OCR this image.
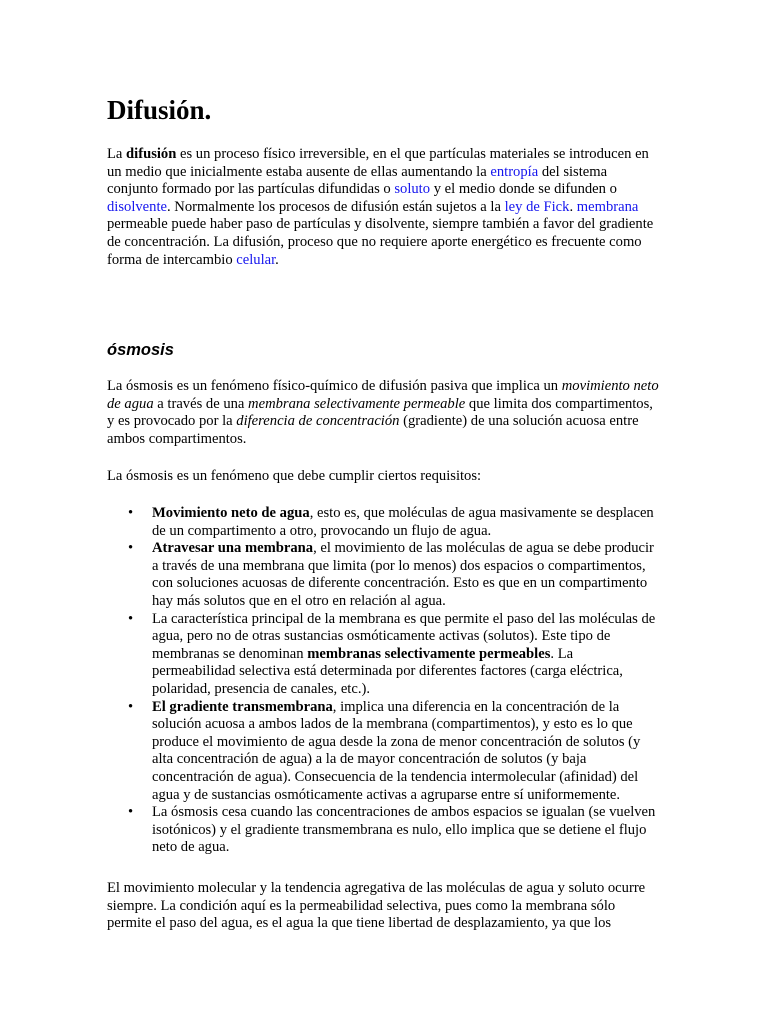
Difusión.

La difusión es un proceso físico irreversible, en el que partículas materiales se introducen en un medio que inicialmente estaba ausente de ellas aumentando la entropía del sistema conjunto formado por las partículas difundidas o soluto y el medio donde se difunden o disolvente. Normalmente los procesos de difusión están sujetos a la ley de Fick. membrana permeable puede haber paso de partículas y disolvente, siempre también a favor del gradiente de concentración. La difusión, proceso que no requiere aporte energético es frecuente como forma de intercambio celular.

ósmosis

La ósmosis es un fenómeno físico-químico de difusión pasiva que implica un movimiento neto de agua a través de una membrana selectivamente permeable que limita dos compartimentos, y es provocado por la diferencia de concentración (gradiente) de una solución acuosa entre ambos compartimentos.

La ósmosis es un fenómeno que debe cumplir ciertos requisitos:

• Movimiento neto de agua, esto es, que moléculas de agua masivamente se desplacen de un compartimento a otro, provocando un flujo de agua.
• Atravesar una membrana, el movimiento de las moléculas de agua se debe producir a través de una membrana que limita (por lo menos) dos espacios o compartimentos, con soluciones acuosas de diferente concentración. Esto es que en un compartimento hay más solutos que en el otro en relación al agua.
• La característica principal de la membrana es que permite el paso del las moléculas de agua, pero no de otras sustancias osmóticamente activas (solutos). Este tipo de membranas se denominan membranas selectivamente permeables. La permeabilidad selectiva está determinada por diferentes factores (carga eléctrica, polaridad, presencia de canales, etc.).
• El gradiente transmembrana, implica una diferencia en la concentración de la solución acuosa a ambos lados de la membrana (compartimentos), y esto es lo que produce el movimiento de agua desde la zona de menor concentración de solutos (y alta concentración de agua) a la de mayor concentración de solutos (y baja concentración de agua). Consecuencia de la tendencia intermolecular (afinidad) del agua y de sustancias osmóticamente activas a agruparse entre sí uniformemente.
• La ósmosis cesa cuando las concentraciones de ambos espacios se igualan (se vuelven isotónicos) y el gradiente transmembrana es nulo, ello implica que se detiene el flujo neto de agua.

El movimiento molecular y la tendencia agregativa de las moléculas de agua y soluto ocurre siempre. La condición aquí es la permeabilidad selectiva, pues como la membrana sólo permite el paso del agua, es el agua la que tiene libertad de desplazamiento, ya que los
